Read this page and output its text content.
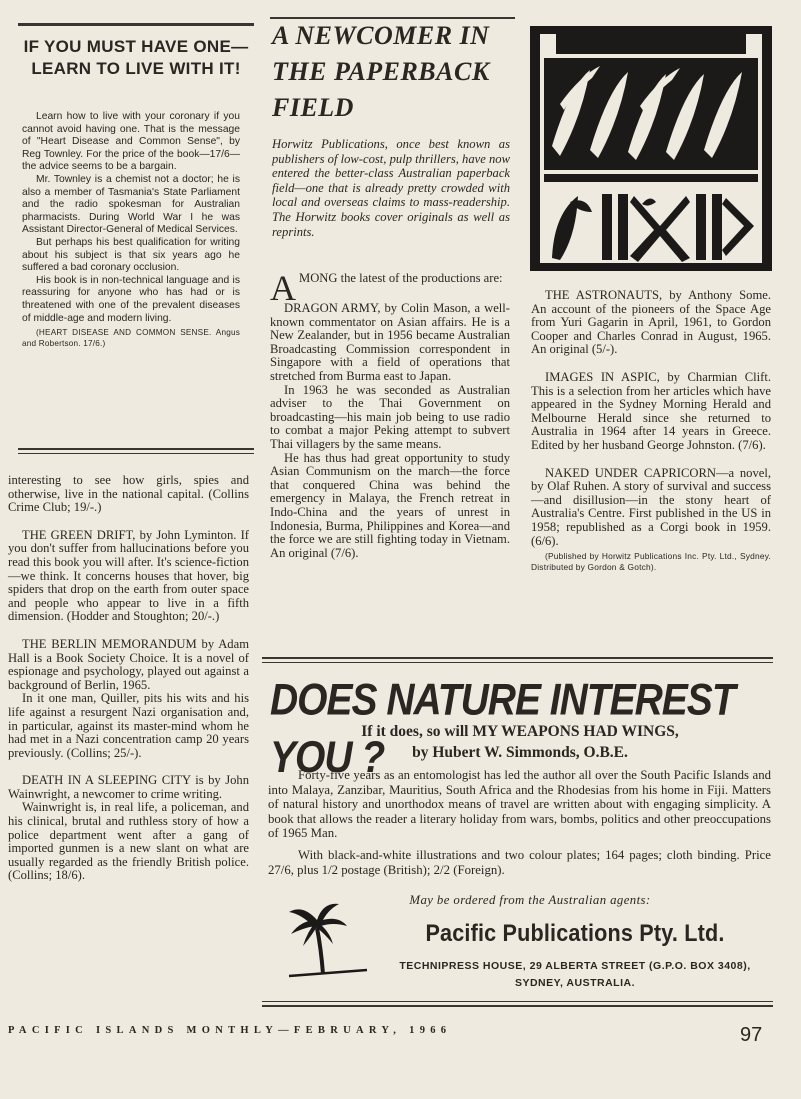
IF YOU MUST HAVE ONE—LEARN TO LIVE WITH IT!

Learn how to live with your coronary if you cannot avoid having one. That is the message of "Heart Disease and Common Sense", by Reg Townley. For the price of the book—17/6—the advice seems to be a bargain.

Mr. Townley is a chemist not a doctor; he is also a member of Tasmania's State Parliament and the radio spokesman for Australian pharmacists. During World War I he was Assistant Director-General of Medical Services.

But perhaps his best qualification for writing about his subject is that six years ago he suffered a bad coronary occlusion.

His book is in non-technical language and is reassuring for anyone who has had or is threatened with one of the prevalent diseases of middle-age and modern living.

(HEART DISEASE AND COMMON SENSE. Angus and Robertson. 17/6.)

interesting to see how girls, spies and otherwise, live in the national capital. (Collins Crime Club; 19/-.)

THE GREEN DRIFT, by John Lyminton. If you don't suffer from hallucinations before you read this book you will after. It's science-fiction—we think. It concerns houses that hover, big spiders that drop on the earth from outer space and people who appear to live in a fifth dimension. (Hodder and Stoughton; 20/-.)

THE BERLIN MEMORANDUM by Adam Hall is a Book Society Choice. It is a novel of espionage and psychology, played out against a background of Berlin, 1965.

In it one man, Quiller, pits his wits and his life against a resurgent Nazi organisation and, in particular, against its master-mind whom he had met in a Nazi concentration camp 20 years previously. (Collins; 25/-).

DEATH IN A SLEEPING CITY is by John Wainwright, a newcomer to crime writing.

Wainwright is, in real life, a policeman, and his clinical, brutal and ruthless story of how a police department went after a gang of imported gunmen is a new slant on what are usually regarded as the friendly British police. (Collins; 18/6).

A NEWCOMER IN THE PAPERBACK FIELD
Horwitz Publications, once best known as publishers of low-cost, pulp thrillers, have now entered the better-class Australian paperback field—one that is already pretty crowded with local and overseas claims to mass-readership. The Horwitz books cover originals as well as reprints.

AMONG the latest of the productions are:

DRAGON ARMY, by Colin Mason, a well-known commentator on Asian affairs. He is a New Zealander, but in 1956 became Australian Broadcasting Commission correspondent in Singapore with a field of operations that stretched from Burma east to Japan.

In 1963 he was seconded as Australian adviser to the Thai Government on broadcasting—his main job being to use radio to combat a major Peking attempt to subvert Thai villagers by the same means.

He has thus had great opportunity to study Asian Communism on the march—the force that conquered China was behind the emergency in Malaya, the French retreat in Indo-China and the years of unrest in Indonesia, Burma, Philippines and Korea—and the force we are still fighting today in Vietnam. An original (7/6).

THE ASTRONAUTS, by Anthony Some. An account of the pioneers of the Space Age from Yuri Gagarin in April, 1961, to Gordon Cooper and Charles Conrad in August, 1965. An original (5/-).

IMAGES IN ASPIC, by Charmian Clift. This is a selection from her articles which have appeared in the Sydney Morning Herald and Melbourne Herald since she returned to Australia in 1964 after 14 years in Greece. Edited by her husband George Johnston. (7/6).

NAKED UNDER CAPRICORN—a novel, by Olaf Ruhen. A story of survival and success—and disillusion—in the stony heart of Australia's Centre. First published in the US in 1958; republished as a Corgi book in 1959. (6/6).

(Published by Horwitz Publications Inc. Pty. Ltd., Sydney. Distributed by Gordon & Gotch).

DOES NATURE INTEREST YOU ?
If it does, so will MY WEAPONS HAD WINGS,
by Hubert W. Simmonds, O.B.E.

Forty-five years as an entomologist has led the author all over the South Pacific Islands and into Malaya, Zanzibar, Mauritius, South Africa and the Rhodesias from his home in Fiji. Matters of natural history and unorthodox means of travel are written about with engaging simplicity. A book that allows the reader a literary holiday from wars, bombs, politics and other preoccupations of 1965 Man.

With black-and-white illustrations and two colour plates; 164 pages; cloth binding. Price 27/6, plus 1/2 postage (British); 2/2 (Foreign).

May be ordered from the Australian agents:
Pacific Publications Pty. Ltd.
TECHNIPRESS HOUSE, 29 ALBERTA STREET (G.P.O. BOX 3408),
SYDNEY, AUSTRALIA.
PACIFIC ISLANDS MONTHLY—FEBRUARY, 1966	97
